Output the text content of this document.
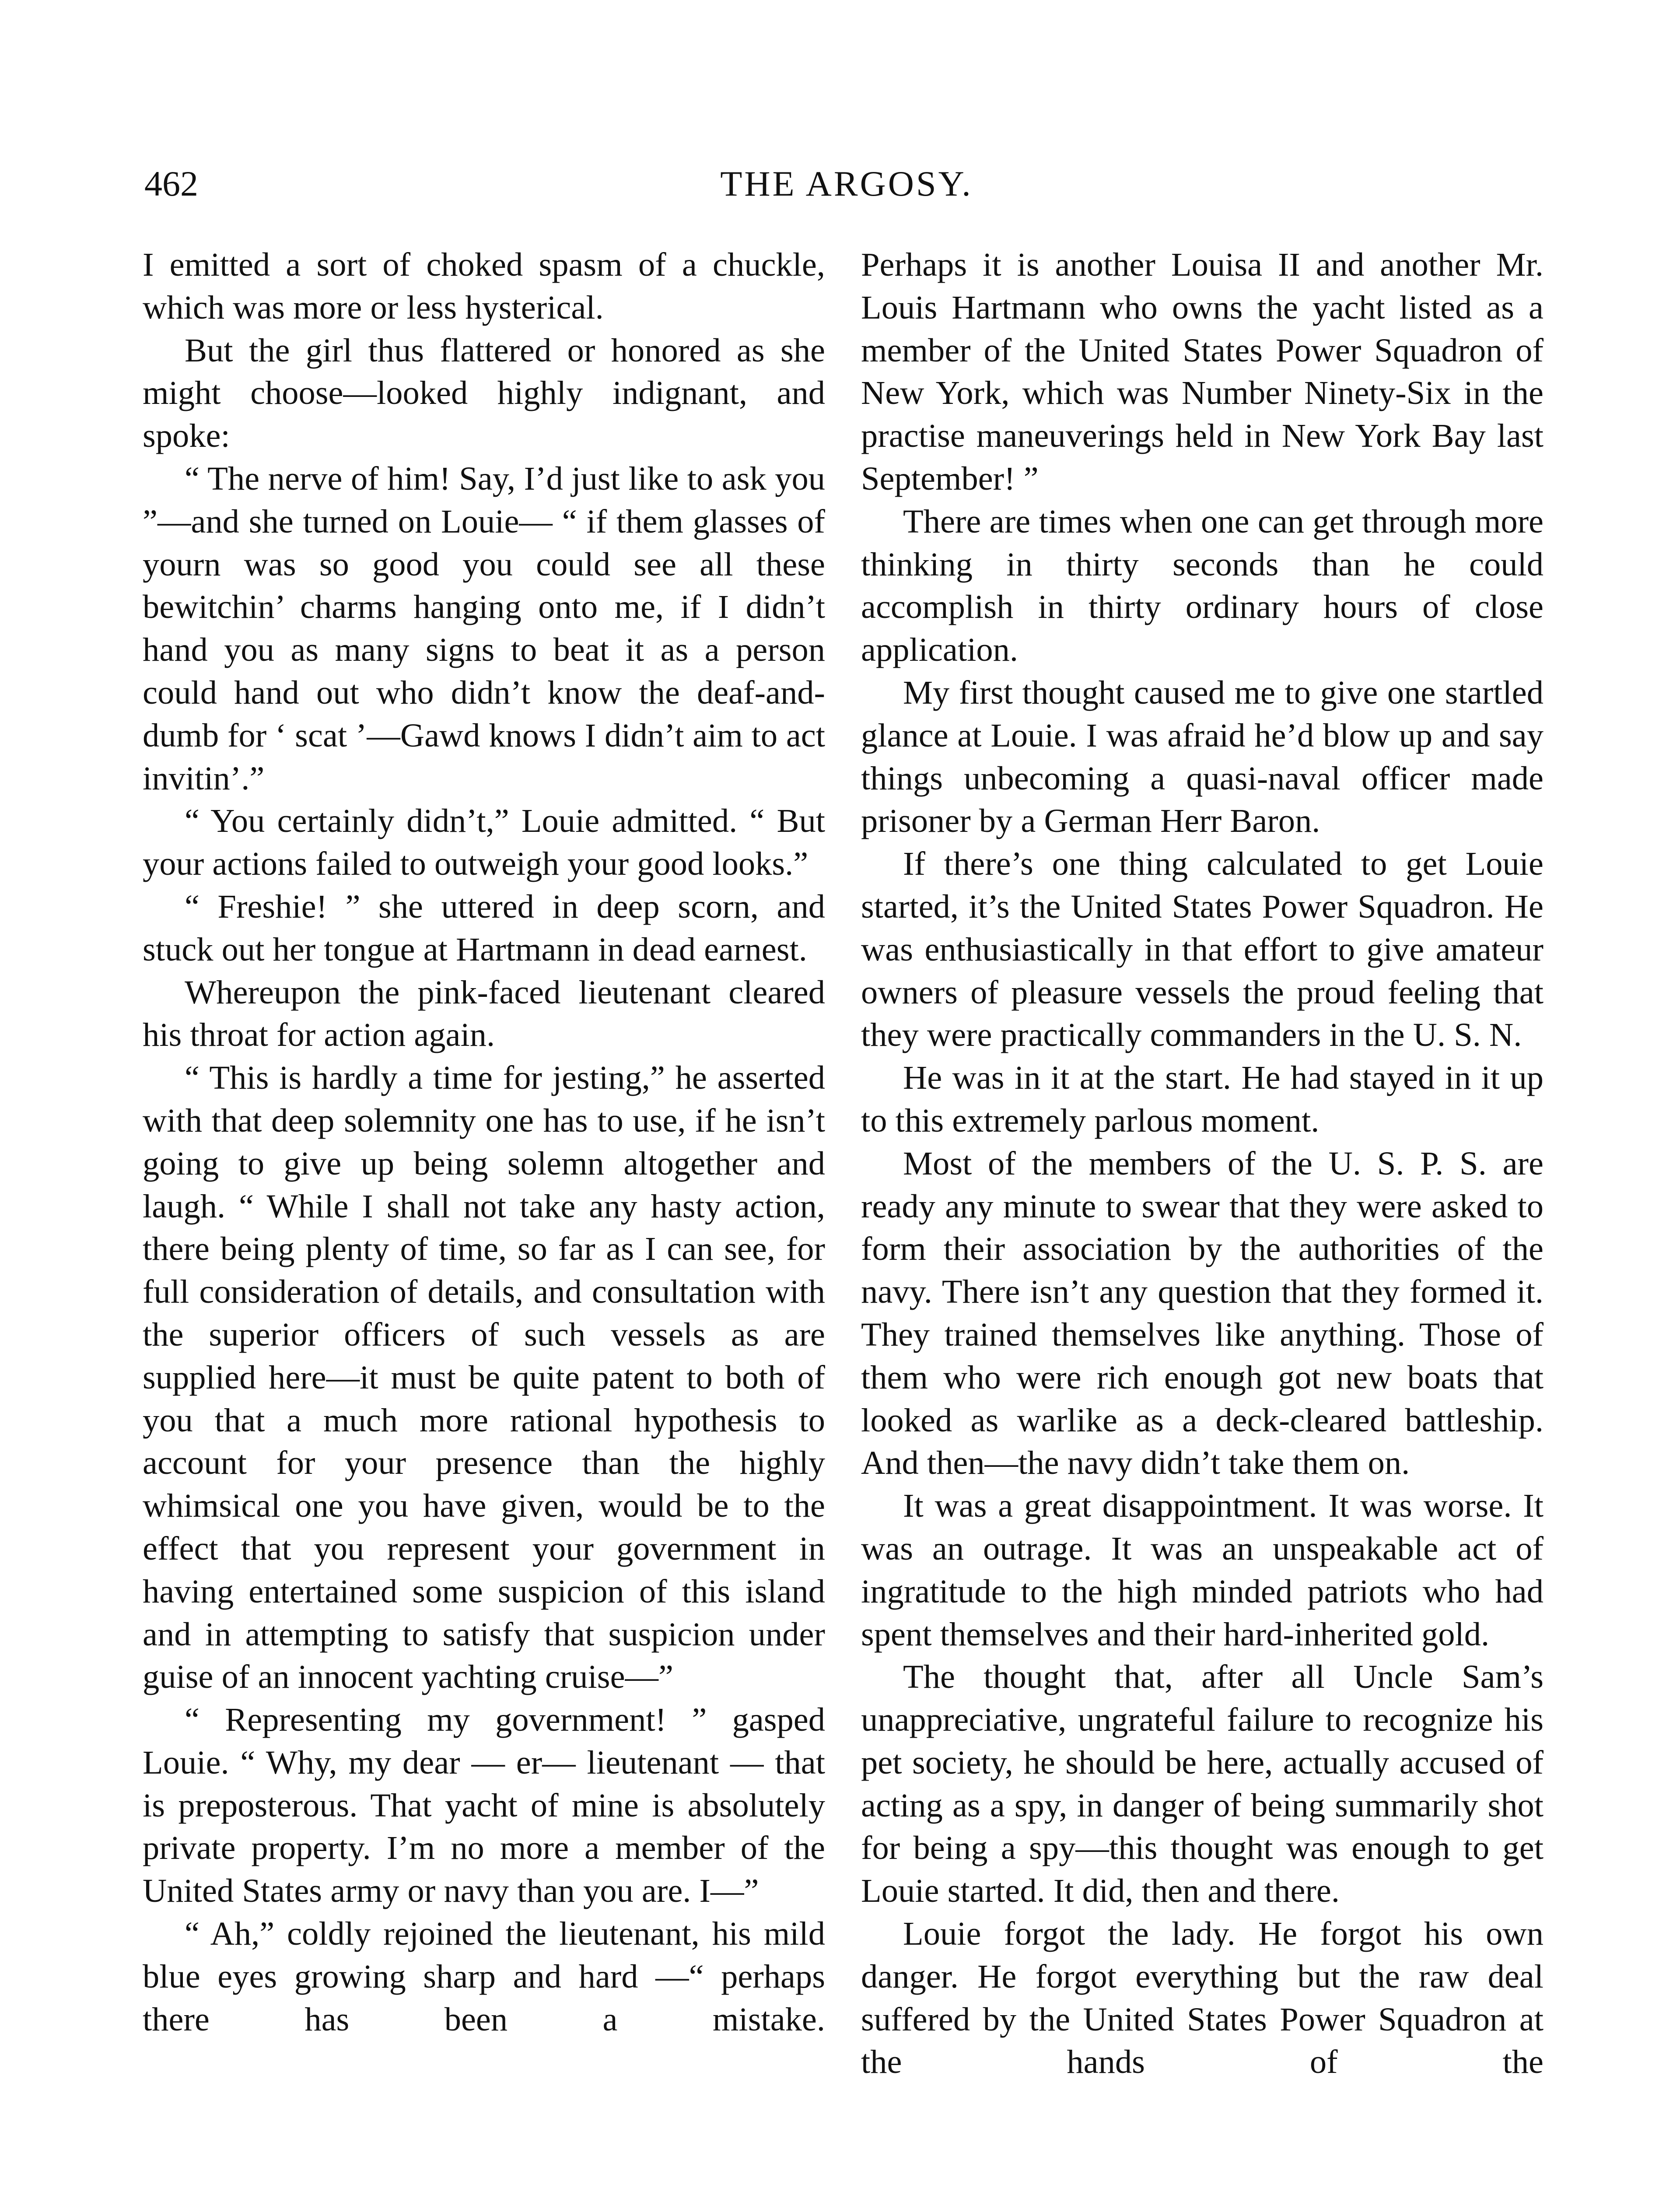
462	THE ARGOSY.

I emitted a sort of choked spasm of a chuckle, which was more or less hysterical.

But the girl thus flattered or honored as she might choose—looked highly indignant, and spoke:

“ The nerve of him! Say, I’d just like to ask you ”—and she turned on Louie— “ if them glasses of yourn was so good you could see all these bewitchin’ charms hanging onto me, if I didn’t hand you as many signs to beat it as a person could hand out who didn’t know the deaf-and-dumb for ‘ scat ’—Gawd knows I didn’t aim to act invitin’.”

“ You certainly didn’t,” Louie admitted. “ But your actions failed to outweigh your good looks.”

“ Freshie! ” she uttered in deep scorn, and stuck out her tongue at Hartmann in dead earnest.

Whereupon the pink-faced lieutenant cleared his throat for action again.

“ This is hardly a time for jesting,” he asserted with that deep solemnity one has to use, if he isn’t going to give up being solemn altogether and laugh. “ While I shall not take any hasty action, there being plenty of time, so far as I can see, for full consideration of details, and consultation with the superior officers of such vessels as are supplied here—it must be quite patent to both of you that a much more rational hypothesis to account for your presence than the highly whimsical one you have given, would be to the effect that you represent your government in having entertained some suspicion of this island and in attempting to satisfy that suspicion under guise of an innocent yachting cruise—”

“ Representing my government! ” gasped Louie. “ Why, my dear — er— lieutenant — that is preposterous. That yacht of mine is absolutely private property. I’m no more a member of the United States army or navy than you are. I—”

“ Ah,” coldly rejoined the lieutenant, his mild blue eyes growing sharp and hard —“ perhaps there has been a mistake.

Perhaps it is another Louisa II and another Mr. Louis Hartmann who owns the yacht listed as a member of the United States Power Squadron of New York, which was Number Ninety-Six in the practise maneuverings held in New York Bay last September! ”

There are times when one can get through more thinking in thirty seconds than he could accomplish in thirty ordinary hours of close application.

My first thought caused me to give one startled glance at Louie. I was afraid he’d blow up and say things unbecoming a quasi-naval officer made prisoner by a German Herr Baron.

If there’s one thing calculated to get Louie started, it’s the United States Power Squadron. He was enthusiastically in that effort to give amateur owners of pleasure vessels the proud feeling that they were practically commanders in the U. S. N.

He was in it at the start. He had stayed in it up to this extremely parlous moment.

Most of the members of the U. S. P. S. are ready any minute to swear that they were asked to form their association by the authorities of the navy. There isn’t any question that they formed it. They trained themselves like anything. Those of them who were rich enough got new boats that looked as warlike as a deck-cleared battleship. And then—the navy didn’t take them on.

It was a great disappointment. It was worse. It was an outrage. It was an unspeakable act of ingratitude to the high minded patriots who had spent themselves and their hard-inherited gold.

The thought that, after all Uncle Sam’s unappreciative, ungrateful failure to recognize his pet society, he should be here, actually accused of acting as a spy, in danger of being summarily shot for being a spy—this thought was enough to get Louie started. It did, then and there.

Louie forgot the lady. He forgot his own danger. He forgot everything but the raw deal suffered by the United States Power Squadron at the hands of the
